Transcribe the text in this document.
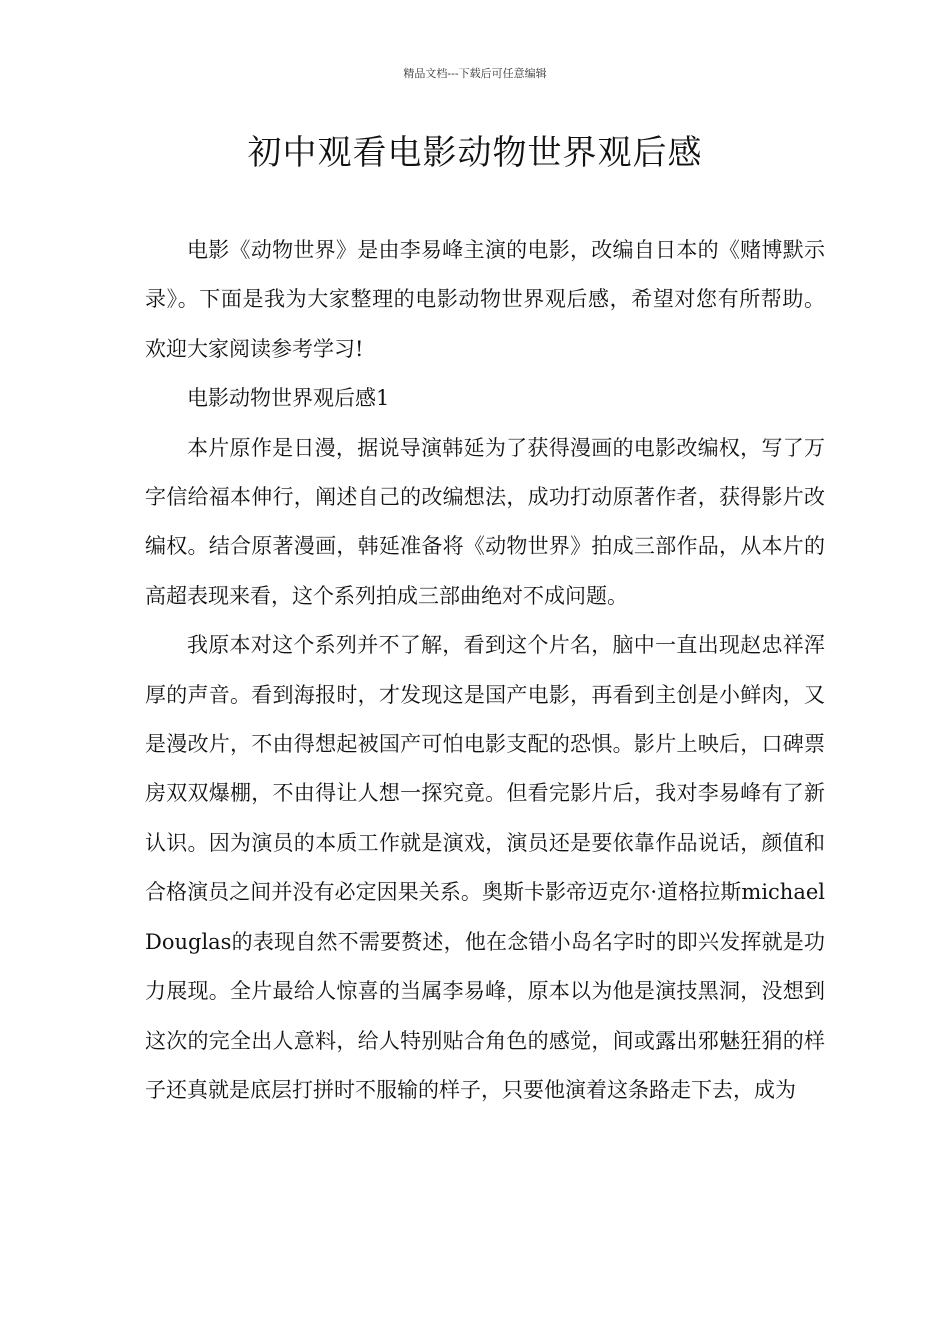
精品文档---下载后可任意编辑
初中观看电影动物世界观后感

电影《动物世界》是由李易峰主演的电影，改编自日本的《赌博默示录》。下面是我为大家整理的电影动物世界观后感，希望对您有所帮助。欢迎大家阅读参考学习!

电影动物世界观后感1

本片原作是日漫，据说导演韩延为了获得漫画的电影改编权，写了万字信给福本伸行，阐述自己的改编想法，成功打动原著作者，获得影片改编权。结合原著漫画，韩延准备将《动物世界》拍成三部作品，从本片的高超表现来看，这个系列拍成三部曲绝对不成问题。

我原本对这个系列并不了解，看到这个片名，脑中一直出现赵忠祥浑厚的声音。看到海报时，才发现这是国产电影，再看到主创是小鲜肉，又是漫改片，不由得想起被国产可怕电影支配的恐惧。影片上映后，口碑票房双双爆棚，不由得让人想一探究竟。但看完影片后，我对李易峰有了新认识。因为演员的本质工作就是演戏，演员还是要依靠作品说话，颜值和合格演员之间并没有必定因果关系。奥斯卡影帝迈克尔·道格拉斯michaelDouglas的表现自然不需要赘述，他在念错小岛名字时的即兴发挥就是功力展现。全片最给人惊喜的当属李易峰，原本以为他是演技黑洞，没想到这次的完全出人意料，给人特别贴合角色的感觉，间或露出邪魅狂狷的样子还真就是底层打拼时不服输的样子，只要他演着这条路走下去，成为
